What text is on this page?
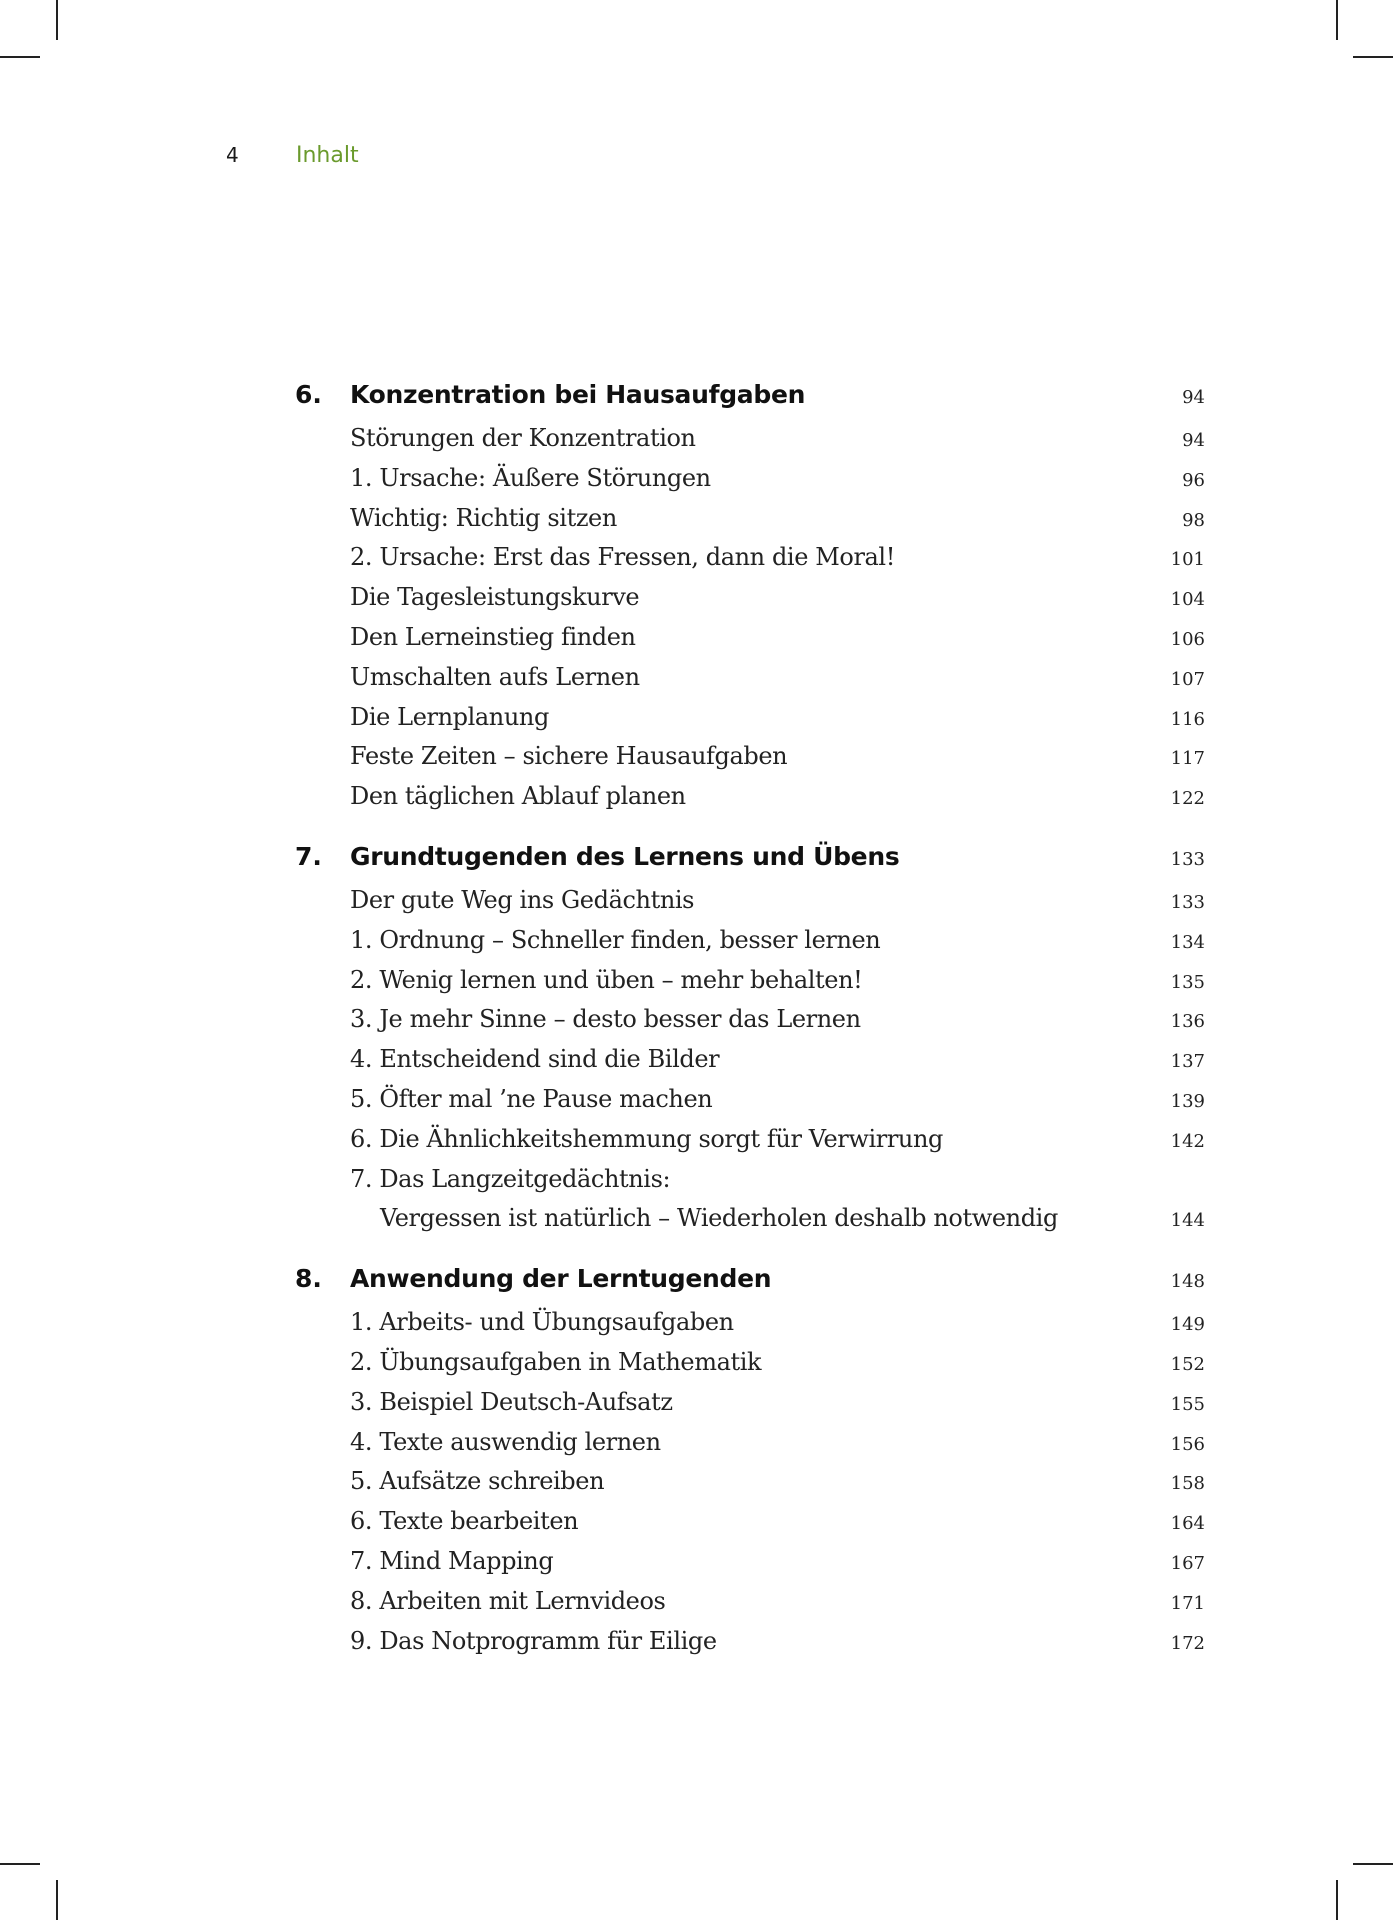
4	Inhalt
6.	Konzentration bei Hausaufgaben	94
Störungen der Konzentration	94
1. Ursache: Äußere Störungen	96
Wichtig: Richtig sitzen	98
2. Ursache: Erst das Fressen, dann die Moral!	101
Die Tagesleistungskurve	104
Den Lerneinstieg finden	106
Umschalten aufs Lernen	107
Die Lernplanung	116
Feste Zeiten – sichere Hausaufgaben	117
Den täglichen Ablauf planen	122
7.	Grundtugenden des Lernens und Übens	133
Der gute Weg ins Gedächtnis	133
1. Ordnung – Schneller finden, besser lernen	134
2. Wenig lernen und üben – mehr behalten!	135
3. Je mehr Sinne – desto besser das Lernen	136
4. Entscheidend sind die Bilder	137
5. Öfter mal ’ne Pause machen	139
6. Die Ähnlichkeitshemmung sorgt für Verwirrung	142
7. Das Langzeitgedächtnis:
Vergessen ist natürlich – Wiederholen deshalb notwendig	144
8.	Anwendung der Lerntugenden	148
1. Arbeits- und Übungsaufgaben	149
2. Übungsaufgaben in Mathematik	152
3. Beispiel Deutsch-Aufsatz	155
4. Texte auswendig lernen	156
5. Aufsätze schreiben	158
6. Texte bearbeiten	164
7. Mind Mapping	167
8. Arbeiten mit Lernvideos	171
9. Das Notprogramm für Eilige	172
